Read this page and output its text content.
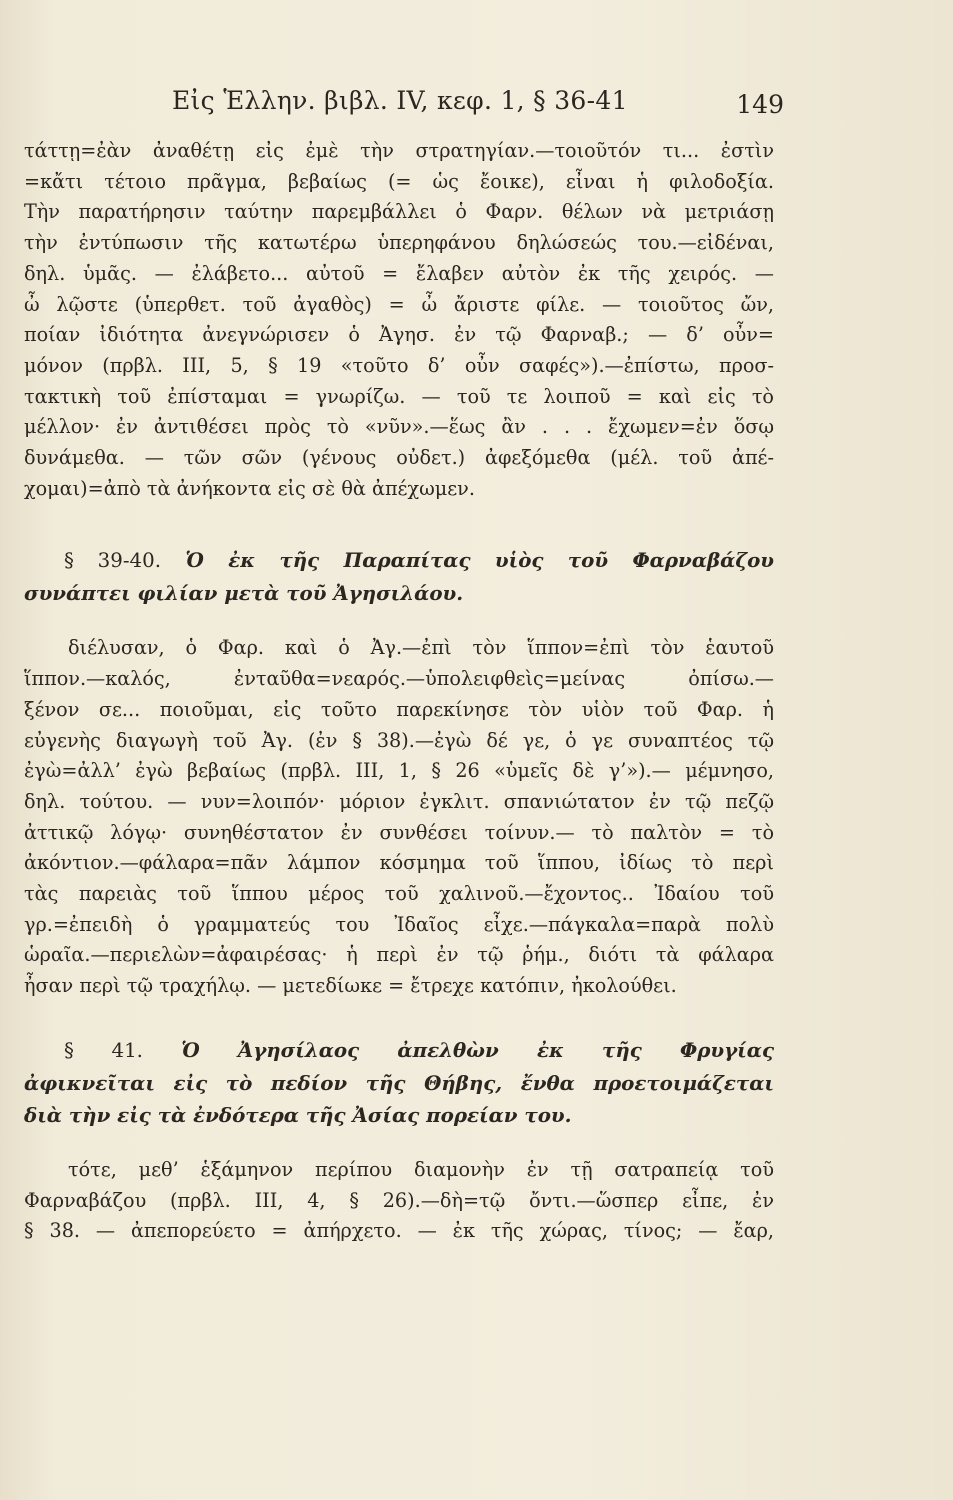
Εἰς Ἑλλην. βιβλ. IV, κεφ. 1, § 36-41	149
τάττῃ=ἐὰν ἀναθέτῃ εἰς ἐμὲ τὴν στρατηγίαν.—τοιοῦτόν τι... ἐστὶν
=κἄτι τέτοιο πρᾶγμα, βεβαίως (= ὡς ἔοικε), εἶναι ἡ φιλοδοξία.
Τὴν παρατήρησιν ταύτην παρεμβάλλει ὁ Φαρν. θέλων νὰ μετριάσῃ
τὴν ἐντύπωσιν τῆς κατωτέρω ὑπερηφάνου δηλώσεώς του.—εἰδέναι,
δηλ. ὑμᾶς. — ἐλάβετο... αὐτοῦ = ἔλαβεν αὐτὸν ἐκ τῆς χειρός. —
ὦ λῷστε (ὑπερθετ. τοῦ ἀγαθὸς) = ὦ ἄριστε φίλε. — τοιοῦτος ὤν,
ποίαν ἰδιότητα ἀνεγνώρισεν ὁ Ἀγησ. ἐν τῷ Φαρναβ.; — δ’ οὖν=
μόνον (πρβλ. III, 5, § 19 «τοῦτο δ’ οὖν σαφές»).—ἐπίστω, προσ-
τακτικὴ τοῦ ἐπίσταμαι = γνωρίζω. — τοῦ τε λοιποῦ = καὶ εἰς τὸ
μέλλον· ἐν ἀντιθέσει πρὸς τὸ «νῦν».—ἕως ἂν . . . ἔχωμεν=ἐν ὅσῳ
δυνάμεθα. — τῶν σῶν (γένους οὐδετ.) ἀφεξόμεθα (μέλ. τοῦ ἀπέ-
χομαι)=ἀπὸ τὰ ἀνήκοντα εἰς σὲ θὰ ἀπέχωμεν.
§ 39-40. Ὁ ἐκ τῆς Παραπίτας υἱὸς τοῦ Φαρναβάζου
συνάπτει φιλίαν μετὰ τοῦ Ἀγησιλάου.
διέλυσαν, ὁ Φαρ. καὶ ὁ Ἀγ.—ἐπὶ τὸν ἵππον=ἐπὶ τὸν ἑαυτοῦ
ἵππον.—καλός, ἐνταῦθα=νεαρός.—ὑπολειφθεὶς=μείνας ὀπίσω.—
ξένον σε... ποιοῦμαι, εἰς τοῦτο παρεκίνησε τὸν υἱὸν τοῦ Φαρ. ἡ
εὐγενὴς διαγωγὴ τοῦ Ἀγ. (ἐν § 38).—ἐγὼ δέ γε, ὁ γε συναπτέος τῷ
ἐγὼ=ἀλλ’ ἐγὼ βεβαίως (πρβλ. III, 1, § 26 «ὑμεῖς δὲ γ’»).— μέμνησο,
δηλ. τούτου. — νυν=λοιπόν· μόριον ἐγκλιτ. σπανιώτατον ἐν τῷ πεζῷ
ἀττικῷ λόγῳ· συνηθέστατον ἐν συνθέσει τοίνυν.— τὸ παλτὸν = τὸ
ἀκόντιον.—φάλαρα=πᾶν λάμπον κόσμημα τοῦ ἵππου, ἰδίως τὸ περὶ
τὰς παρειὰς τοῦ ἵππου μέρος τοῦ χαλινοῦ.—ἔχοντος.. Ἰδαίου τοῦ
γρ.=ἐπειδὴ ὁ γραμματεύς του Ἰδαῖος εἶχε.—πάγκαλα=παρὰ πολὺ
ὡραῖα.—περιελὼν=ἀφαιρέσας· ἡ περὶ ἐν τῷ ῥήμ., διότι τὰ φάλαρα
ἦσαν περὶ τῷ τραχήλῳ. — μετεδίωκε = ἔτρεχε κατόπιν, ἠκολούθει.
§ 41. Ὁ Ἀγησίλαος ἀπελθὼν ἐκ τῆς Φρυγίας
ἀφικνεῖται εἰς τὸ πεδίον τῆς Θήβης, ἔνθα προετοιμάζεται
διὰ τὴν εἰς τὰ ἐνδότερα τῆς Ἀσίας πορείαν του.
τότε, μεθ’ ἑξάμηνον περίπου διαμονὴν ἐν τῇ σατραπείᾳ τοῦ
Φαρναβάζου (πρβλ. III, 4, § 26).—δὴ=τῷ ὄντι.—ὥσπερ εἶπε, ἐν
§ 38. — ἀπεπορεύετο = ἀπήρχετο. — ἐκ τῆς χώρας, τίνος; — ἔαρ,
